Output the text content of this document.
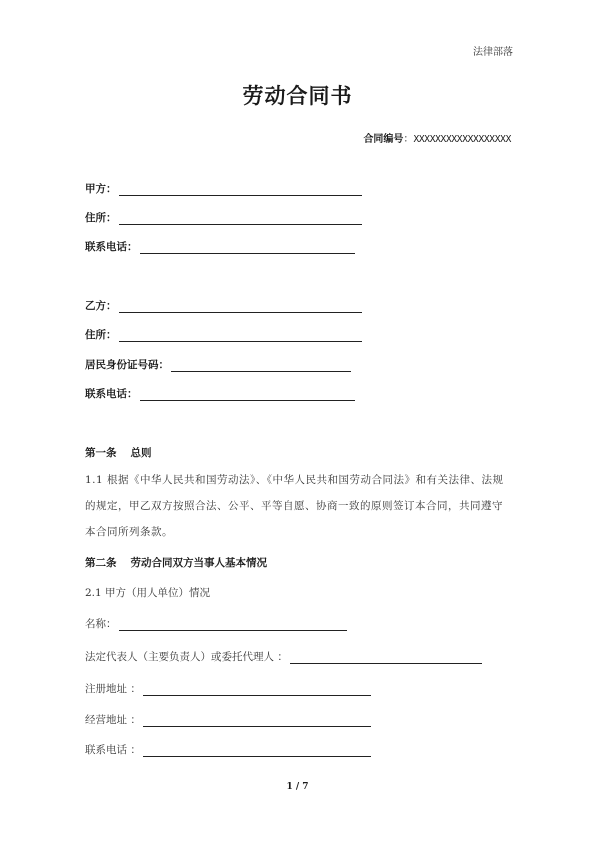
法律部落
劳动合同书
合同编号：XXXXXXXXXXXXXXXXXX
甲方：
住所：
联系电话：
乙方：
住所：
居民身份证号码：
联系电话：
第一条 总则
1.1 根据《中华人民共和国劳动法》、《中华人民共和国劳动合同法》和有关法律、法规的规定，甲乙双方按照合法、公平、平等自愿、协商一致的原则签订本合同，共同遵守本合同所列条款。
第二条 劳动合同双方当事人基本情况
2.1 甲方（用人单位）情况
名称：
法定代表人（主要负责人）或委托代理人 ：
注册地址 ：
经营地址 ：
联系电话 ：
1 / 7
